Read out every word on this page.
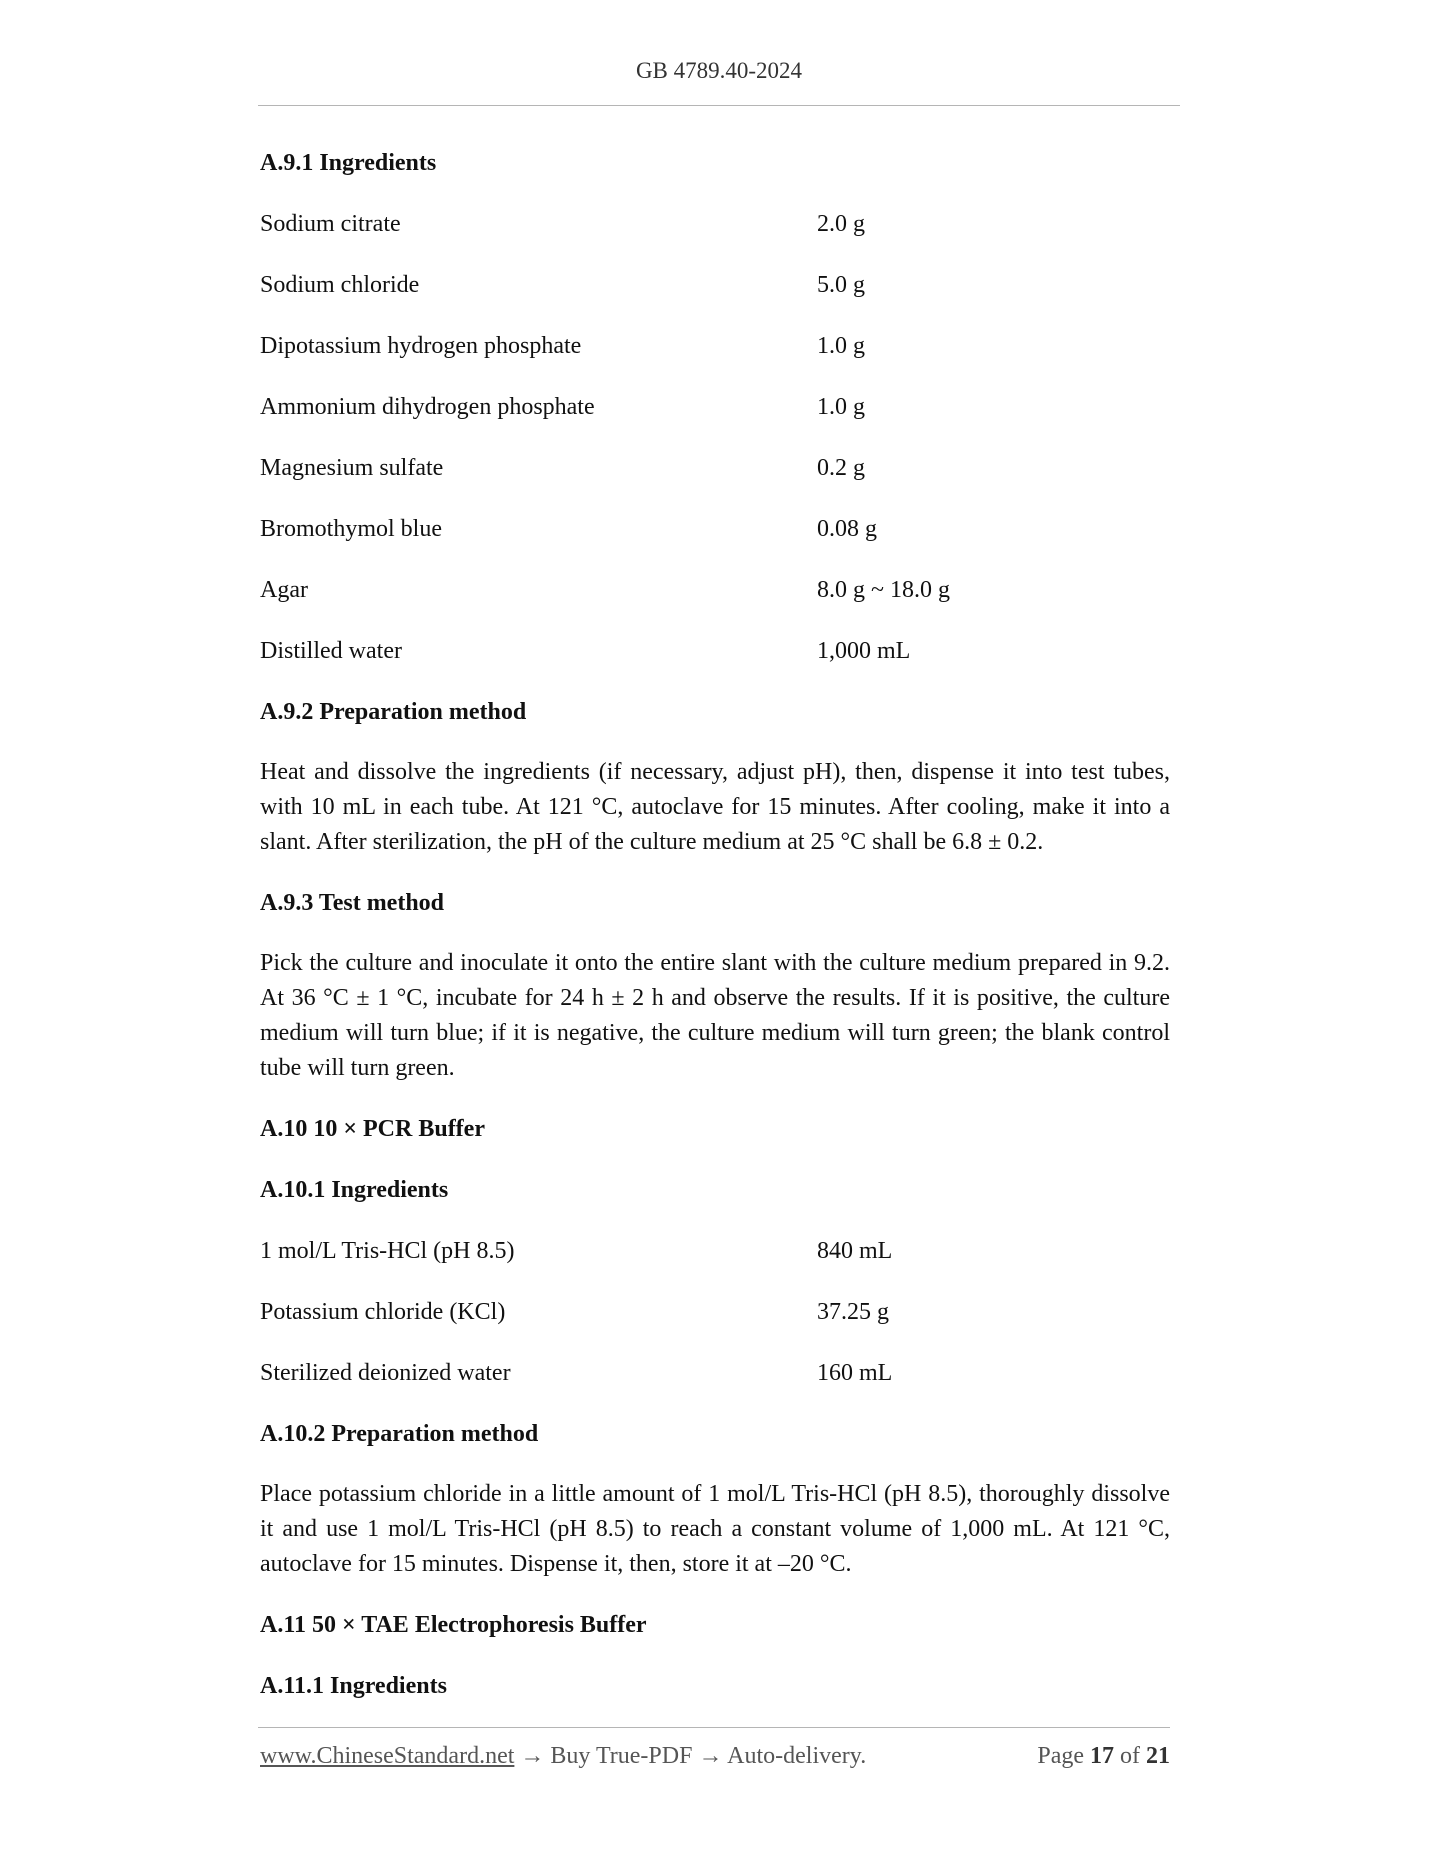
GB 4789.40-2024
A.9.1 Ingredients
Sodium citrate	2.0 g
Sodium chloride	5.0 g
Dipotassium hydrogen phosphate	1.0 g
Ammonium dihydrogen phosphate	1.0 g
Magnesium sulfate	0.2 g
Bromothymol blue	0.08 g
Agar	8.0 g ~ 18.0 g
Distilled water	1,000 mL
A.9.2 Preparation method
Heat and dissolve the ingredients (if necessary, adjust pH), then, dispense it into test tubes, with 10 mL in each tube. At 121 °C, autoclave for 15 minutes. After cooling, make it into a slant. After sterilization, the pH of the culture medium at 25 °C shall be 6.8 ± 0.2.
A.9.3 Test method
Pick the culture and inoculate it onto the entire slant with the culture medium prepared in 9.2. At 36 °C ± 1 °C, incubate for 24 h ± 2 h and observe the results. If it is positive, the culture medium will turn blue; if it is negative, the culture medium will turn green; the blank control tube will turn green.
A.10 10 × PCR Buffer
A.10.1 Ingredients
1 mol/L Tris-HCl (pH 8.5)	840 mL
Potassium chloride (KCl)	37.25 g
Sterilized deionized water	160 mL
A.10.2 Preparation method
Place potassium chloride in a little amount of 1 mol/L Tris-HCl (pH 8.5), thoroughly dissolve it and use 1 mol/L Tris-HCl (pH 8.5) to reach a constant volume of 1,000 mL. At 121 °C, autoclave for 15 minutes. Dispense it, then, store it at –20 °C.
A.11 50 × TAE Electrophoresis Buffer
A.11.1 Ingredients
www.ChineseStandard.net → Buy True-PDF → Auto-delivery.	Page 17 of 21
